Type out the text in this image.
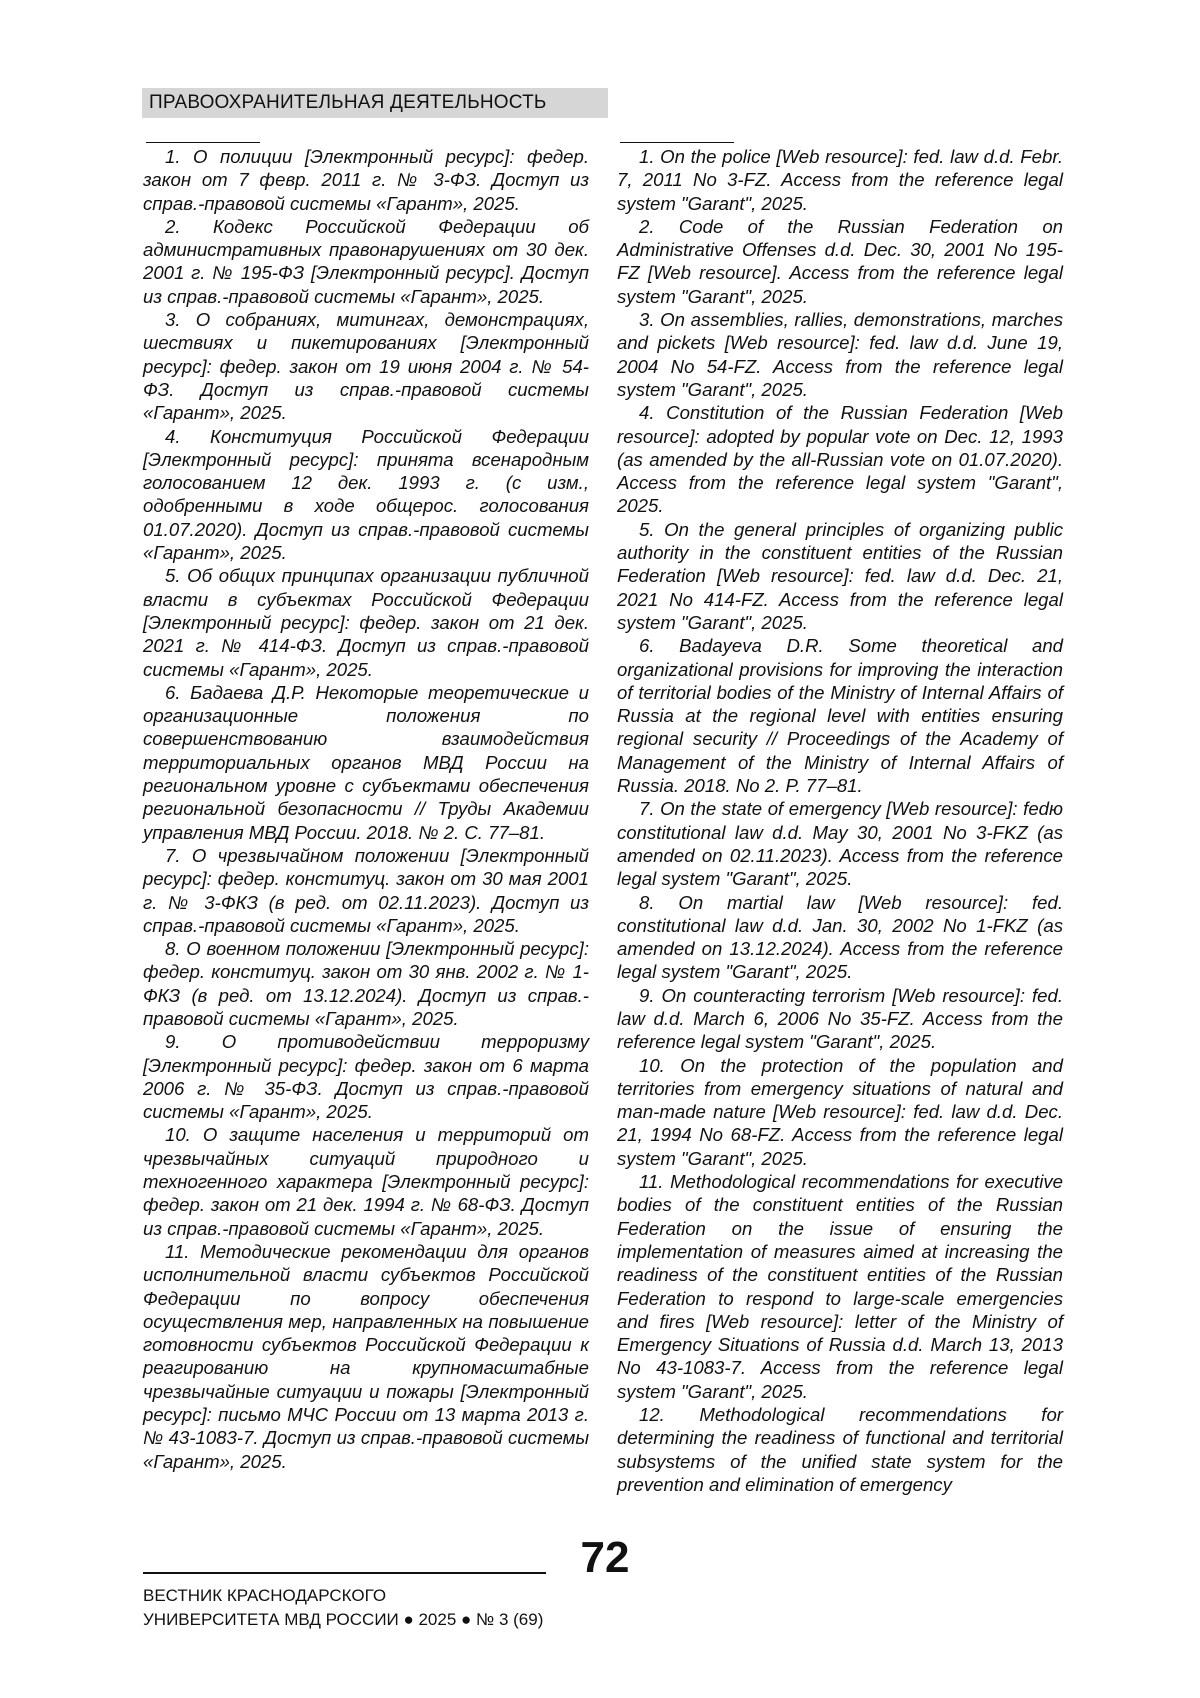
ПРАВООХРАНИТЕЛЬНАЯ ДЕЯТЕЛЬНОСТЬ

1. О полиции [Электронный ресурс]: федер. закон от 7 февр. 2011 г. № 3-ФЗ. Доступ из справ.-правовой системы «Гарант», 2025.

2. Кодекс Российской Федерации об административных правонарушениях от 30 дек. 2001 г. № 195-ФЗ [Электронный ресурс]. Доступ из справ.-правовой системы «Гарант», 2025.

3. О собраниях, митингах, демонстрациях, шествиях и пикетированиях [Электронный ресурс]: федер. закон от 19 июня 2004 г. № 54-ФЗ. Доступ из справ.-правовой системы «Гарант», 2025.

4. Конституция Российской Федерации [Электронный ресурс]: принята всенародным голосованием 12 дек. 1993 г. (с изм., одобренными в ходе общерос. голосования 01.07.2020). Доступ из справ.-правовой системы «Гарант», 2025.

5. Об общих принципах организации публичной власти в субъектах Российской Федерации [Электронный ресурс]: федер. закон от 21 дек. 2021 г. № 414-ФЗ. Доступ из справ.-правовой системы «Гарант», 2025.

6. Бадаева Д.Р. Некоторые теоретические и организационные положения по совершенствованию взаимодействия территориальных органов МВД России на региональном уровне с субъектами обеспечения региональной безопасности // Труды Академии управления МВД России. 2018. № 2. С. 77–81.

7. О чрезвычайном положении [Электронный ресурс]: федер. конституц. закон от 30 мая 2001 г. № 3-ФКЗ (в ред. от 02.11.2023). Доступ из справ.-правовой системы «Гарант», 2025.

8. О военном положении [Электронный ресурс]: федер. конституц. закон от 30 янв. 2002 г. № 1-ФКЗ (в ред. от 13.12.2024). Доступ из справ.-правовой системы «Гарант», 2025.

9. О противодействии терроризму [Электронный ресурс]: федер. закон от 6 марта 2006 г. № 35-ФЗ. Доступ из справ.-правовой системы «Гарант», 2025.

10. О защите населения и территорий от чрезвычайных ситуаций природного и техногенного характера [Электронный ресурс]: федер. закон от 21 дек. 1994 г. № 68-ФЗ. Доступ из справ.-правовой системы «Гарант», 2025.

11. Методические рекомендации для органов исполнительной власти субъектов Российской Федерации по вопросу обеспечения осуществления мер, направленных на повышение готовности субъектов Российской Федерации к реагированию на крупномасштабные чрезвычайные ситуации и пожары [Электронный ресурс]: письмо МЧС России от 13 марта 2013 г. № 43-1083-7. Доступ из справ.-правовой системы «Гарант», 2025.

1. On the police [Web resource]: fed. law d.d. Febr. 7, 2011 No 3-FZ. Access from the reference legal system "Garant", 2025.

2. Code of the Russian Federation on Administrative Offenses d.d. Dec. 30, 2001 No 195-FZ [Web resource]. Access from the reference legal system "Garant", 2025.

3. On assemblies, rallies, demonstrations, marches and pickets [Web resource]: fed. law d.d. June 19, 2004 No 54-FZ. Access from the reference legal system "Garant", 2025.

4. Constitution of the Russian Federation [Web resource]: adopted by popular vote on Dec. 12, 1993 (as amended by the all-Russian vote on 01.07.2020). Access from the reference legal system "Garant", 2025.

5. On the general principles of organizing public authority in the constituent entities of the Russian Federation [Web resource]: fed. law d.d. Dec. 21, 2021 No 414-FZ. Access from the reference legal system "Garant", 2025.

6. Badayeva D.R. Some theoretical and organizational provisions for improving the interaction of territorial bodies of the Ministry of Internal Affairs of Russia at the regional level with entities ensuring regional security // Proceedings of the Academy of Management of the Ministry of Internal Affairs of Russia. 2018. No 2. P. 77–81.

7. On the state of emergency [Web resource]: fedю constitutional law d.d. May 30, 2001 No 3-FKZ (as amended on 02.11.2023). Access from the reference legal system "Garant", 2025.

8. On martial law [Web resource]: fed. constitutional law d.d. Jan. 30, 2002 No 1-FKZ (as amended on 13.12.2024). Access from the reference legal system "Garant", 2025.

9. On counteracting terrorism [Web resource]: fed. law d.d. March 6, 2006 No 35-FZ. Access from the reference legal system "Garant", 2025.

10. On the protection of the population and territories from emergency situations of natural and man-made nature [Web resource]: fed. law d.d. Dec. 21, 1994 No 68-FZ. Access from the reference legal system "Garant", 2025.

11. Methodological recommendations for executive bodies of the constituent entities of the Russian Federation on the issue of ensuring the implementation of measures aimed at increasing the readiness of the constituent entities of the Russian Federation to respond to large-scale emergencies and fires [Web resource]: letter of the Ministry of Emergency Situations of Russia d.d. March 13, 2013 No 43-1083-7. Access from the reference legal system "Garant", 2025.

12. Methodological recommendations for determining the readiness of functional and territorial subsystems of the unified state system for the prevention and elimination of emergency

72
ВЕСТНИК КРАСНОДАРСКОГО
УНИВЕРСИТЕТА МВД РОССИИ ● 2025 ● № 3 (69)
